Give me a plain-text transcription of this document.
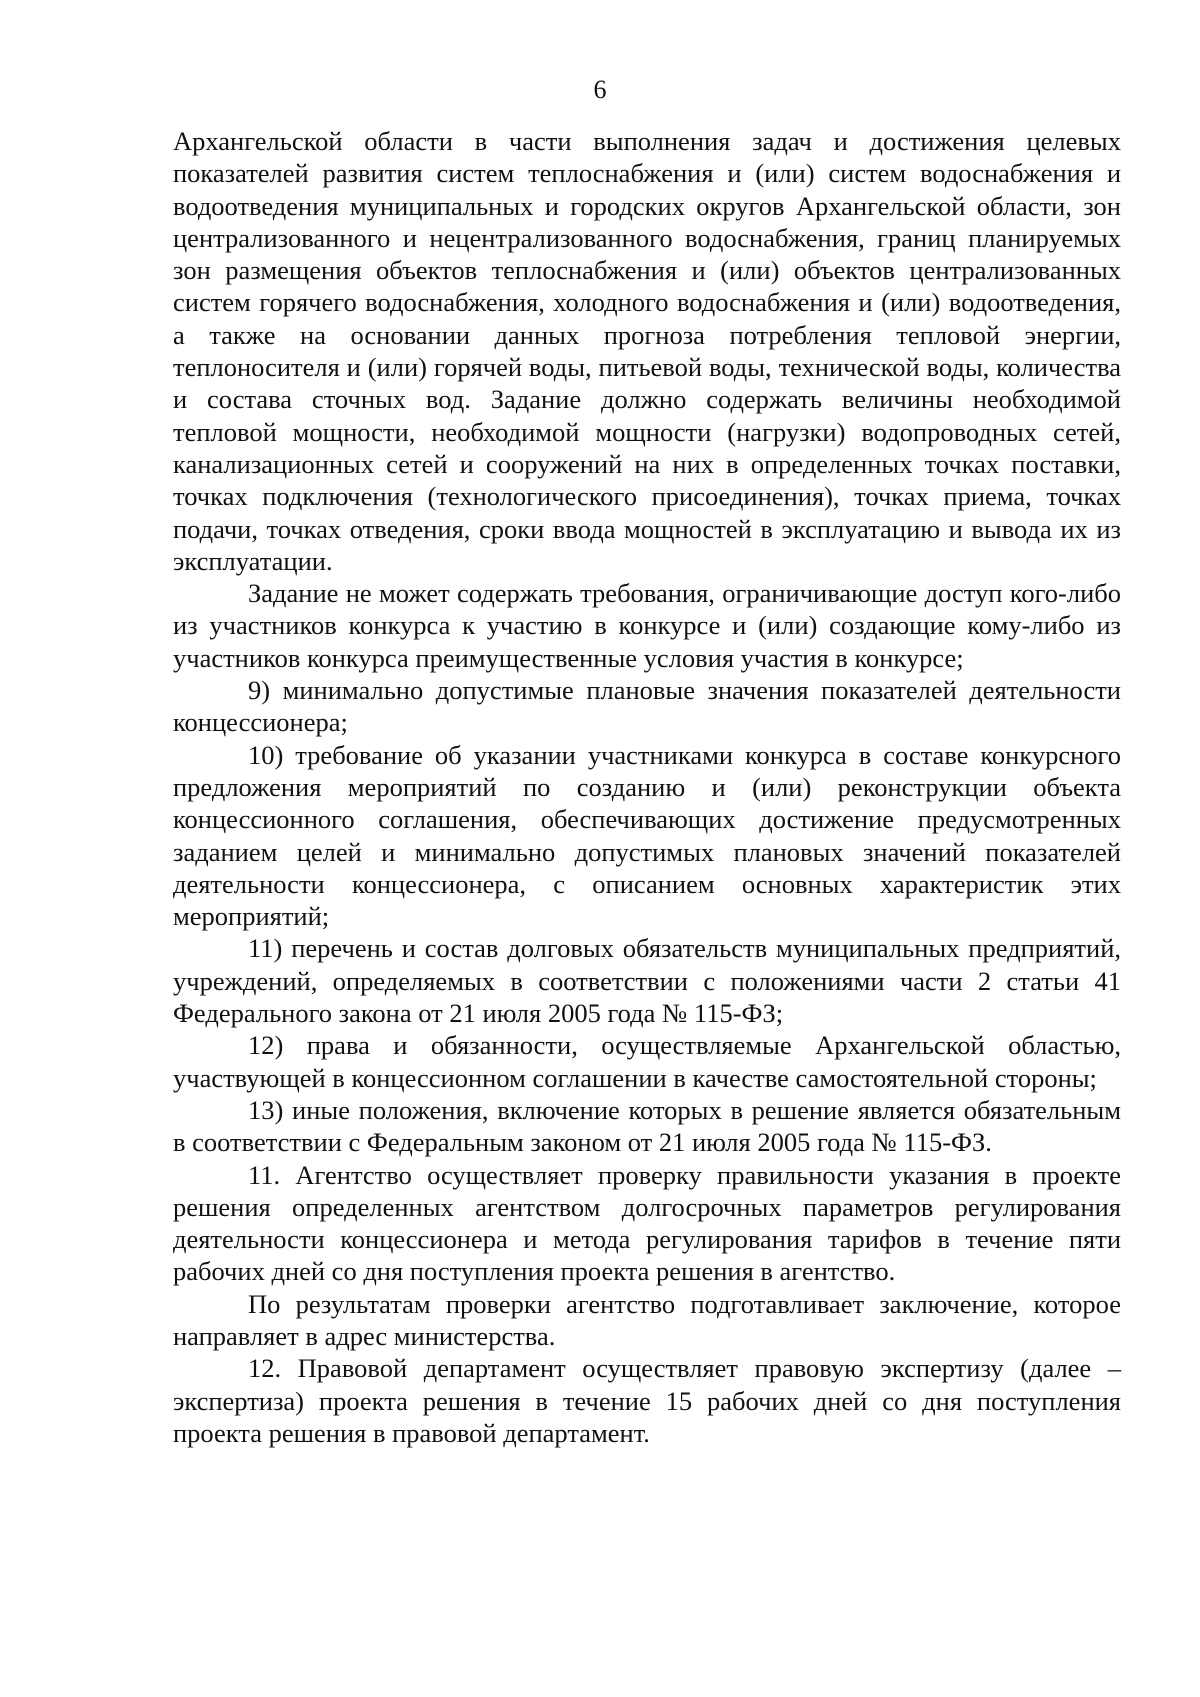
6

Архангельской области в части выполнения задач и достижения целевых показателей развития систем теплоснабжения и (или) систем водоснабжения и водоотведения муниципальных и городских округов Архангельской области, зон централизованного и нецентрализованного водоснабжения, границ планируемых зон размещения объектов теплоснабжения и (или) объектов централизованных систем горячего водоснабжения, холодного водоснабжения и (или) водоотведения, а также на основании данных прогноза потребления тепловой энергии, теплоносителя и (или) горячей воды, питьевой воды, технической воды, количества и состава сточных вод. Задание должно содержать величины необходимой тепловой мощности, необходимой мощности (нагрузки) водопроводных сетей, канализационных сетей и сооружений на них в определенных точках поставки, точках подключения (технологического присоединения), точках приема, точках подачи, точках отведения, сроки ввода мощностей в эксплуатацию и вывода их из эксплуатации.

Задание не может содержать требования, ограничивающие доступ кого-либо из участников конкурса к участию в конкурсе и (или) создающие кому-либо из участников конкурса преимущественные условия участия в конкурсе;

9) минимально допустимые плановые значения показателей деятельности концессионера;

10) требование об указании участниками конкурса в составе конкурсного предложения мероприятий по созданию и (или) реконструкции объекта концессионного соглашения, обеспечивающих достижение предусмотренных заданием целей и минимально допустимых плановых значений показателей деятельности концессионера, с описанием основных характеристик этих мероприятий;

11) перечень и состав долговых обязательств муниципальных предприятий, учреждений, определяемых в соответствии с положениями части 2 статьи 41 Федерального закона от 21 июля 2005 года № 115-ФЗ;

12) права и обязанности, осуществляемые Архангельской областью, участвующей в концессионном соглашении в качестве самостоятельной стороны;

13) иные положения, включение которых в решение является обязательным в соответствии с Федеральным законом от 21 июля 2005 года № 115-ФЗ.

11. Агентство осуществляет проверку правильности указания в проекте решения определенных агентством долгосрочных параметров регулирования деятельности концессионера и метода регулирования тарифов в течение пяти рабочих дней со дня поступления проекта решения в агентство.

По результатам проверки агентство подготавливает заключение, которое направляет в адрес министерства.

12. Правовой департамент осуществляет правовую экспертизу (далее – экспертиза) проекта решения в течение 15 рабочих дней со дня поступления проекта решения в правовой департамент.
